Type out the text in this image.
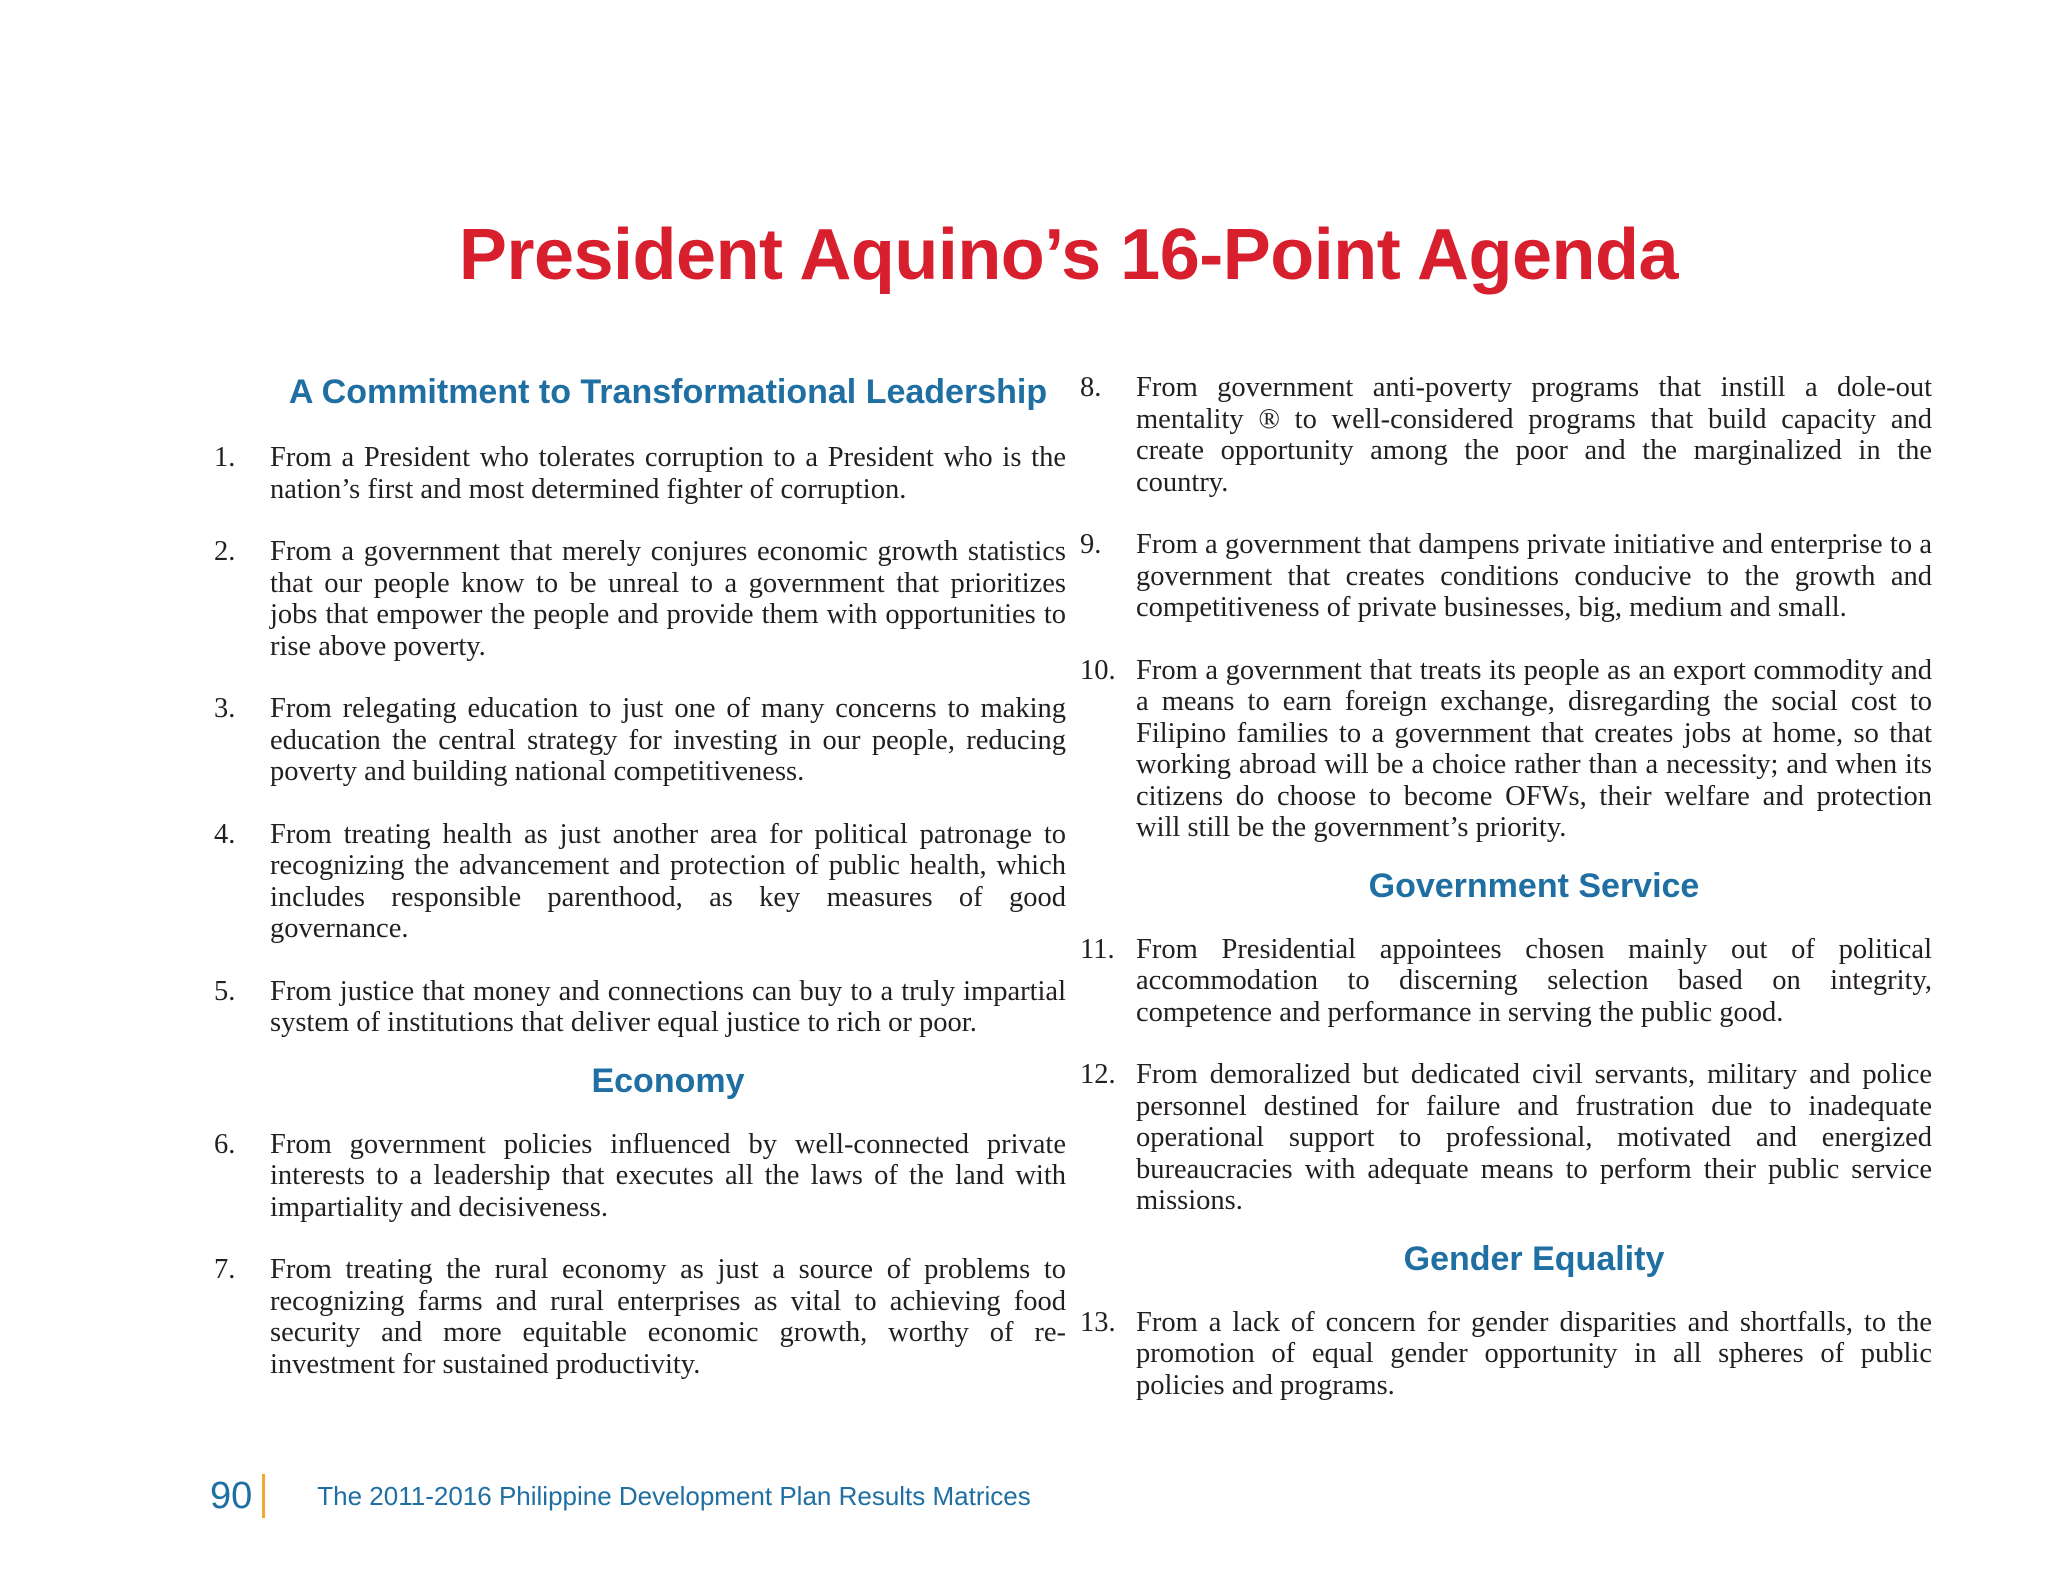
President Aquino’s 16-Point Agenda
A Commitment to Transformational Leadership
1.	From a President who tolerates corruption to a President who is the nation’s first and most determined fighter of corruption.
2.	From a government that merely conjures economic growth statistics that our people know to be unreal to a government that prioritizes jobs that empower the people and provide them with opportunities to rise above poverty.
3.	From relegating education to just one of many concerns to making education the central strategy for investing in our people, reducing poverty and building national competitiveness.
4.	From treating health as just another area for political patronage to recognizing the advancement and protection of public health, which includes responsible parenthood, as key measures of good governance.
5.	From justice that money and connections can buy to a truly impartial system of institutions that deliver equal justice to rich or poor.
Economy
6.	From government policies influenced by well-connected private interests to a leadership that executes all the laws of the land with impartiality and decisiveness.
7.	From treating the rural economy as just a source of problems to recognizing farms and rural enterprises as vital to achieving food security and more equitable economic growth, worthy of re-investment for sustained productivity.
8.	From government anti-poverty programs that instill a dole-out mentality ® to well-considered programs that build capacity and create opportunity among the poor and the marginalized in the country.
9.	From a government that dampens private initiative and enterprise to a government that creates conditions conducive to the growth and competitiveness of private businesses, big, medium and small.
10. From a government that treats its people as an export commodity and a means to earn foreign exchange, disregarding the social cost to Filipino families to a government that creates jobs at home, so that working abroad will be a choice rather than a necessity; and when its citizens do choose to become OFWs, their welfare and protection will still be the government’s priority.
Government Service
11. From Presidential appointees chosen mainly out of political accommodation to discerning selection based on integrity, competence and performance in serving the public good.
12. From demoralized but dedicated civil servants, military and police personnel destined for failure and frustration due to inadequate operational support to professional, motivated and energized bureaucracies with adequate means to perform their public service missions.
Gender Equality
13. From a lack of concern for gender disparities and shortfalls, to the promotion of equal gender opportunity in all spheres of public policies and programs.
90	The 2011-2016 Philippine Development Plan Results Matrices
